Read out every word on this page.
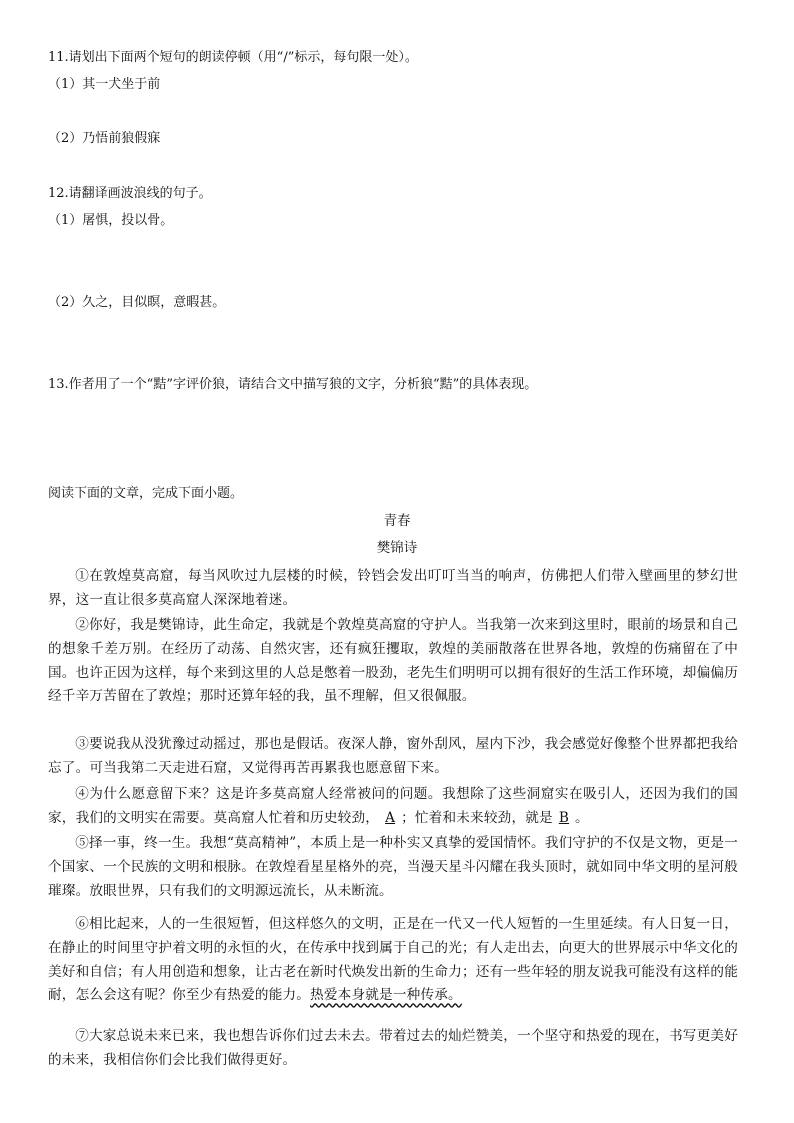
11.请划出下面两个短句的朗读停顿（用“/”标示，每句限一处）。
（1）其一犬坐于前
（2）乃悟前狼假寐
12.请翻译画波浪线的句子。
（1）屠惧，投以骨。
（2）久之，目似瞑，意暇甚。
13.作者用了一个“黠”字评价狼，请结合文中描写狼的文字，分析狼“黠”的具体表现。
阅读下面的文章，完成下面小题。
青春
樊锦诗
①在敦煌莫高窟，每当风吹过九层楼的时候，铃铛会发出叮叮当当的响声，仿佛把人们带入壁画里的梦幻世界，这一直让很多莫高窟人深深地着迷。
②你好，我是樊锦诗，此生命定，我就是个敦煌莫高窟的守护人。当我第一次来到这里时，眼前的场景和自己的想象千差万别。在经历了动荡、自然灾害，还有疯狂攫取，敦煌的美丽散落在世界各地，敦煌的伤痛留在了中国。也许正因为这样，每个来到这里的人总是憋着一股劲，老先生们明明可以拥有很好的生活工作环境，却偏偏历经千辛万苦留在了敦煌；那时还算年轻的我，虽不理解，但又很佩服。
③要说我从没犹豫过动摇过，那也是假话。夜深人静，窗外刮风，屋内下沙，我会感觉好像整个世界都把我给忘了。可当我第二天走进石窟，又觉得再苦再累我也愿意留下来。
④为什么愿意留下来？这是许多莫高窟人经常被问的问题。我想除了这些洞窟实在吸引人，还因为我们的国家，我们的文明实在需要。莫高窟人忙着和历史较劲， A ；忙着和未来较劲，就是 B 。
⑤择一事，终一生。我想“莫高精神”，本质上是一种朴实又真挚的爱国情怀。我们守护的不仅是文物，更是一个国家、一个民族的文明和根脉。在敦煌看星星格外的亮，当漫天星斗闪耀在我头顶时，就如同中华文明的星河般璀璨。放眼世界，只有我们的文明源远流长，从未断流。
⑥相比起来，人的一生很短暂，但这样悠久的文明，正是在一代又一代人短暂的一生里延续。有人日复一日，在静止的时间里守护着文明的永恒的火，在传承中找到属于自己的光；有人走出去，向更大的世界展示中华文化的美好和自信；有人用创造和想象，让古老在新时代焕发出新的生命力；还有一些年轻的朋友说我可能没有这样的能耐，怎么会这有呢？你至少有热爱的能力。热爱本身就是一种传承。
⑦大家总说未来已来，我也想告诉你们过去未去。带着过去的灿烂赞美，一个坚守和热爱的现在，书写更美好的未来，我相信你们会比我们做得更好。
